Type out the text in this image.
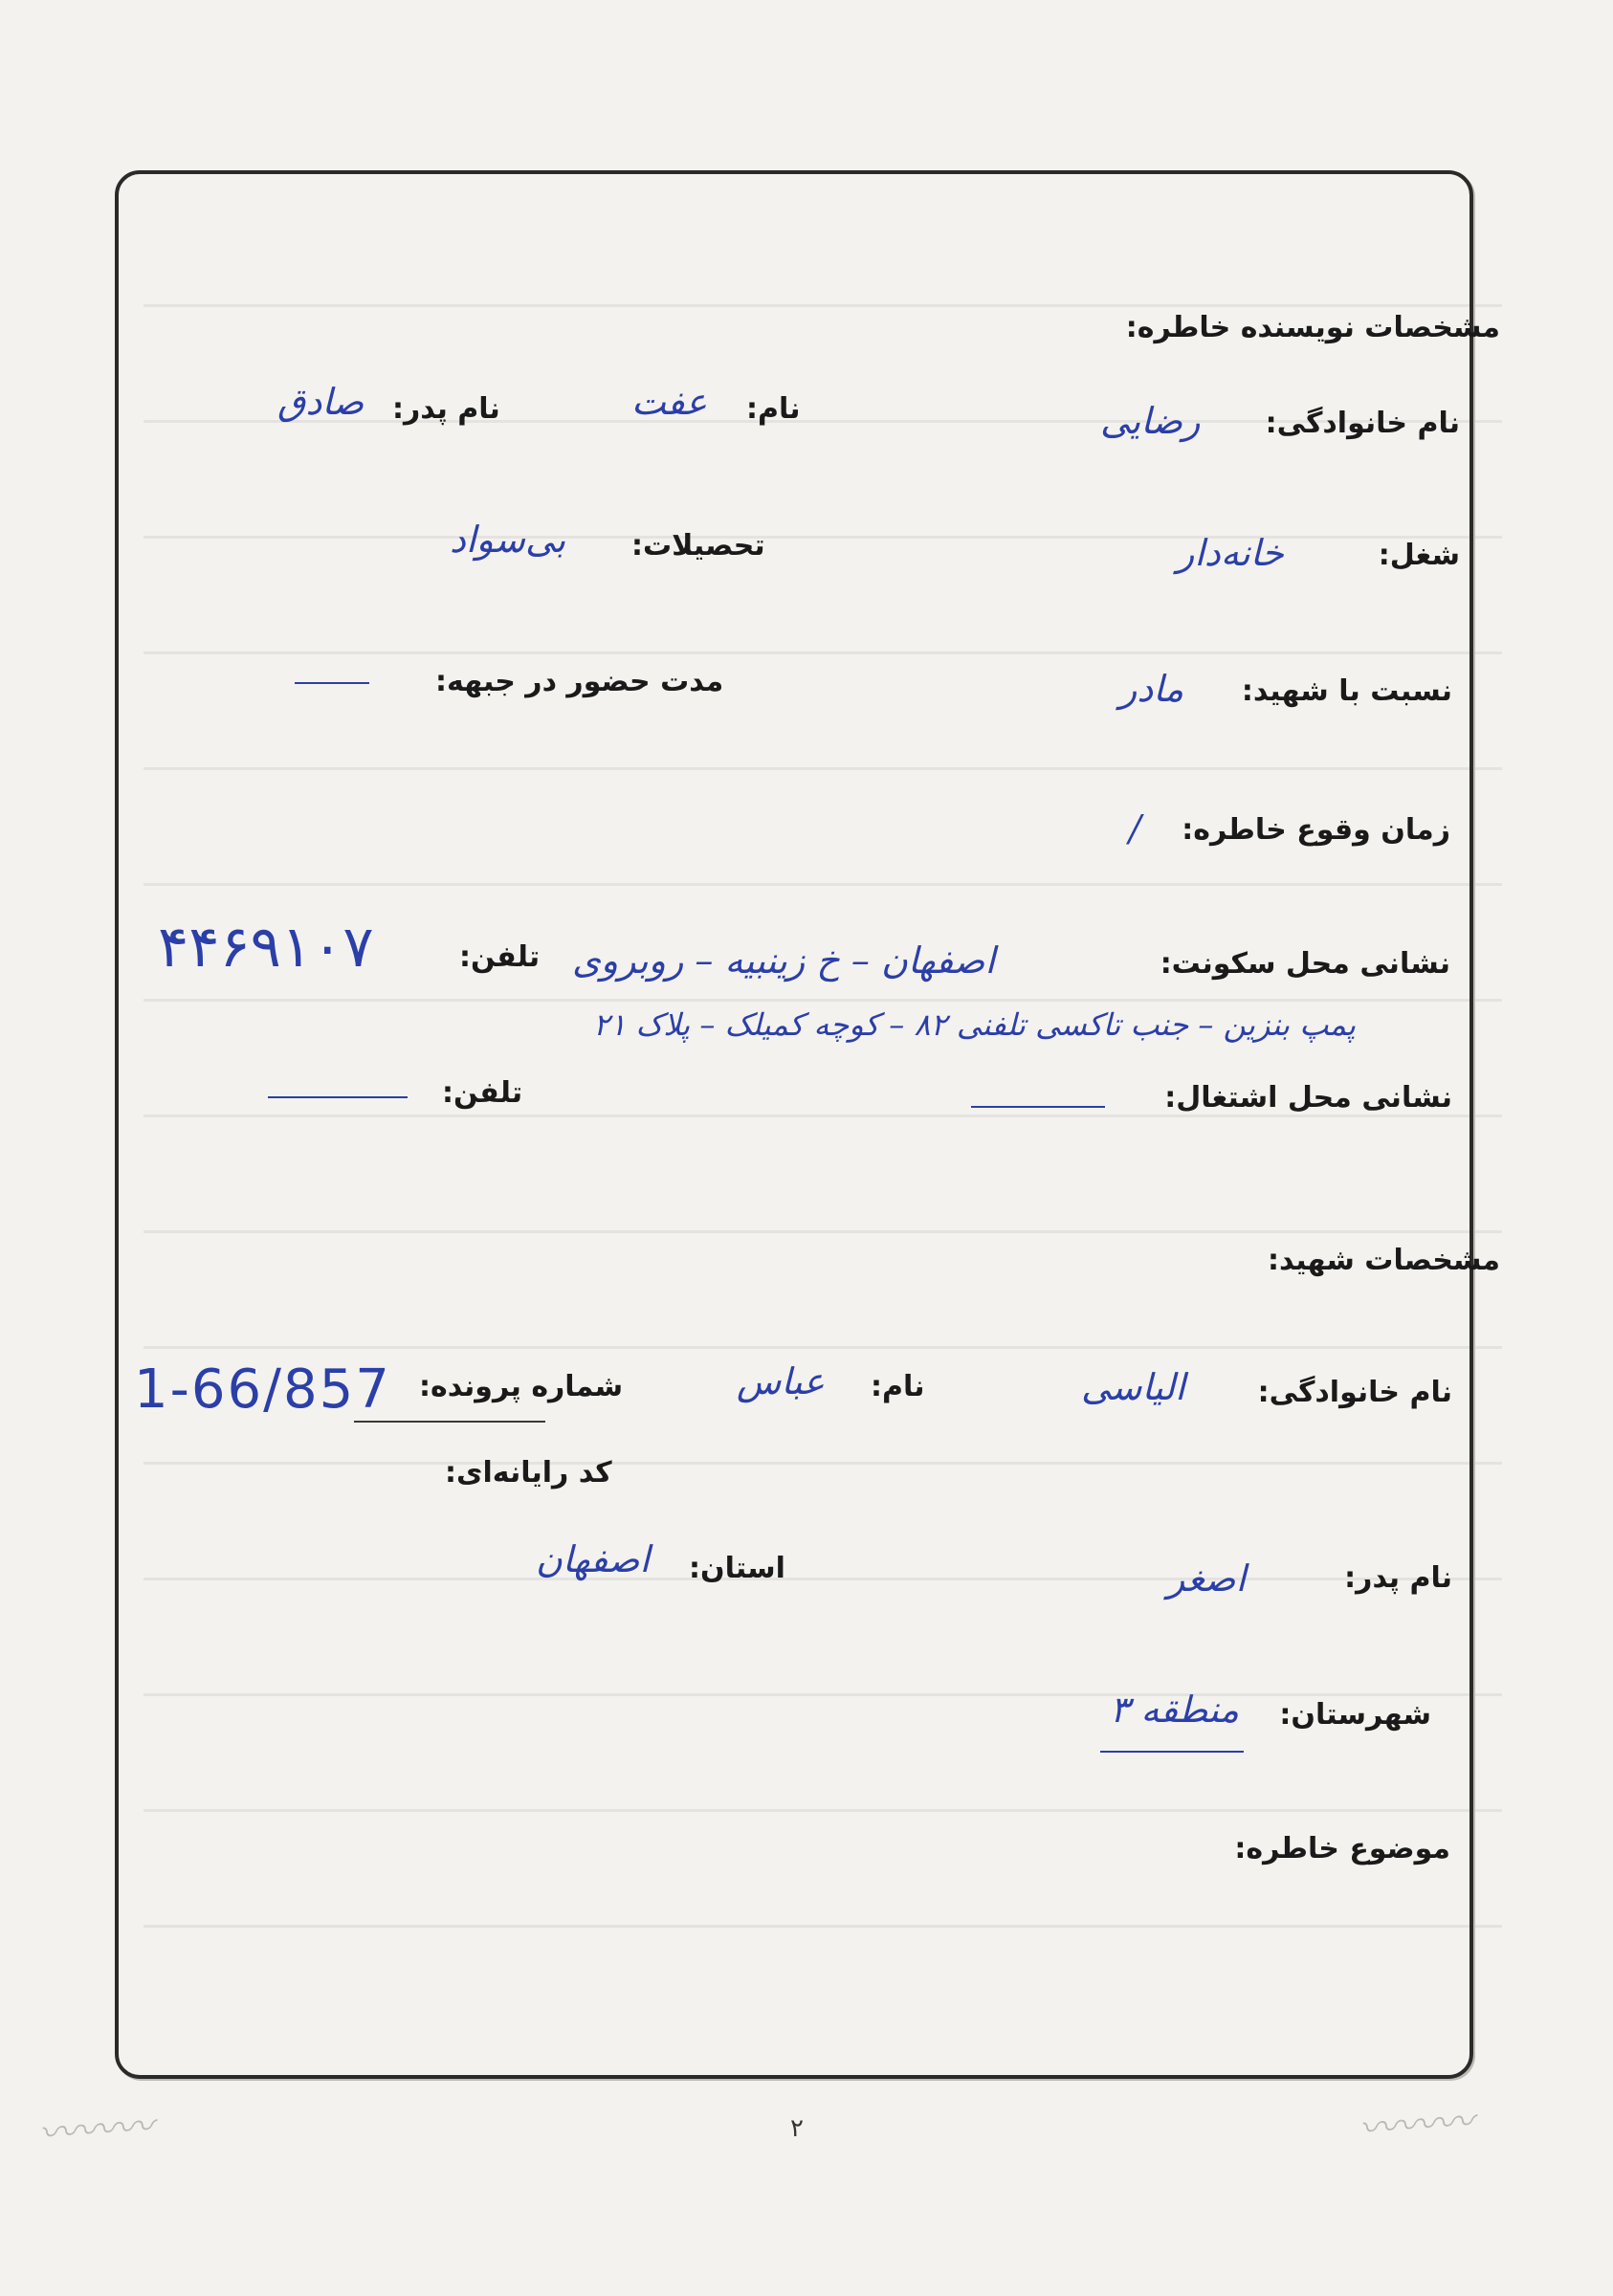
مشخصات نویسنده خاطره:
نام خانوادگی:
رضایی
نام:
عفت
نام پدر:
صادق
شغل:
خانه‌دار
تحصیلات:
بی‌سواد
نسبت با شهید:
مادر
مدت حضور در جبهه:
زمان وقوع خاطره:
/
نشانی محل سکونت:
اصفهان – خ زینبیه – روبروی
پمپ بنزین – جنب تاکسی تلفنی ۸۲ – کوچه کمیلک – پلاک ۲۱
تلفن:
۴۴۶۹۱۰۷
نشانی محل اشتغال:
تلفن:
مشخصات شهید:
نام خانوادگی:
الیاسی
نام:
عباس
شماره پرونده:
1-66/857
کد رایانه‌ای:
نام پدر:
اصغر
استان:
اصفهان
شهرستان:
منطقه ۳
موضوع خاطره:
۲
〰︎〰︎〰︎	〰︎〰︎〰︎
